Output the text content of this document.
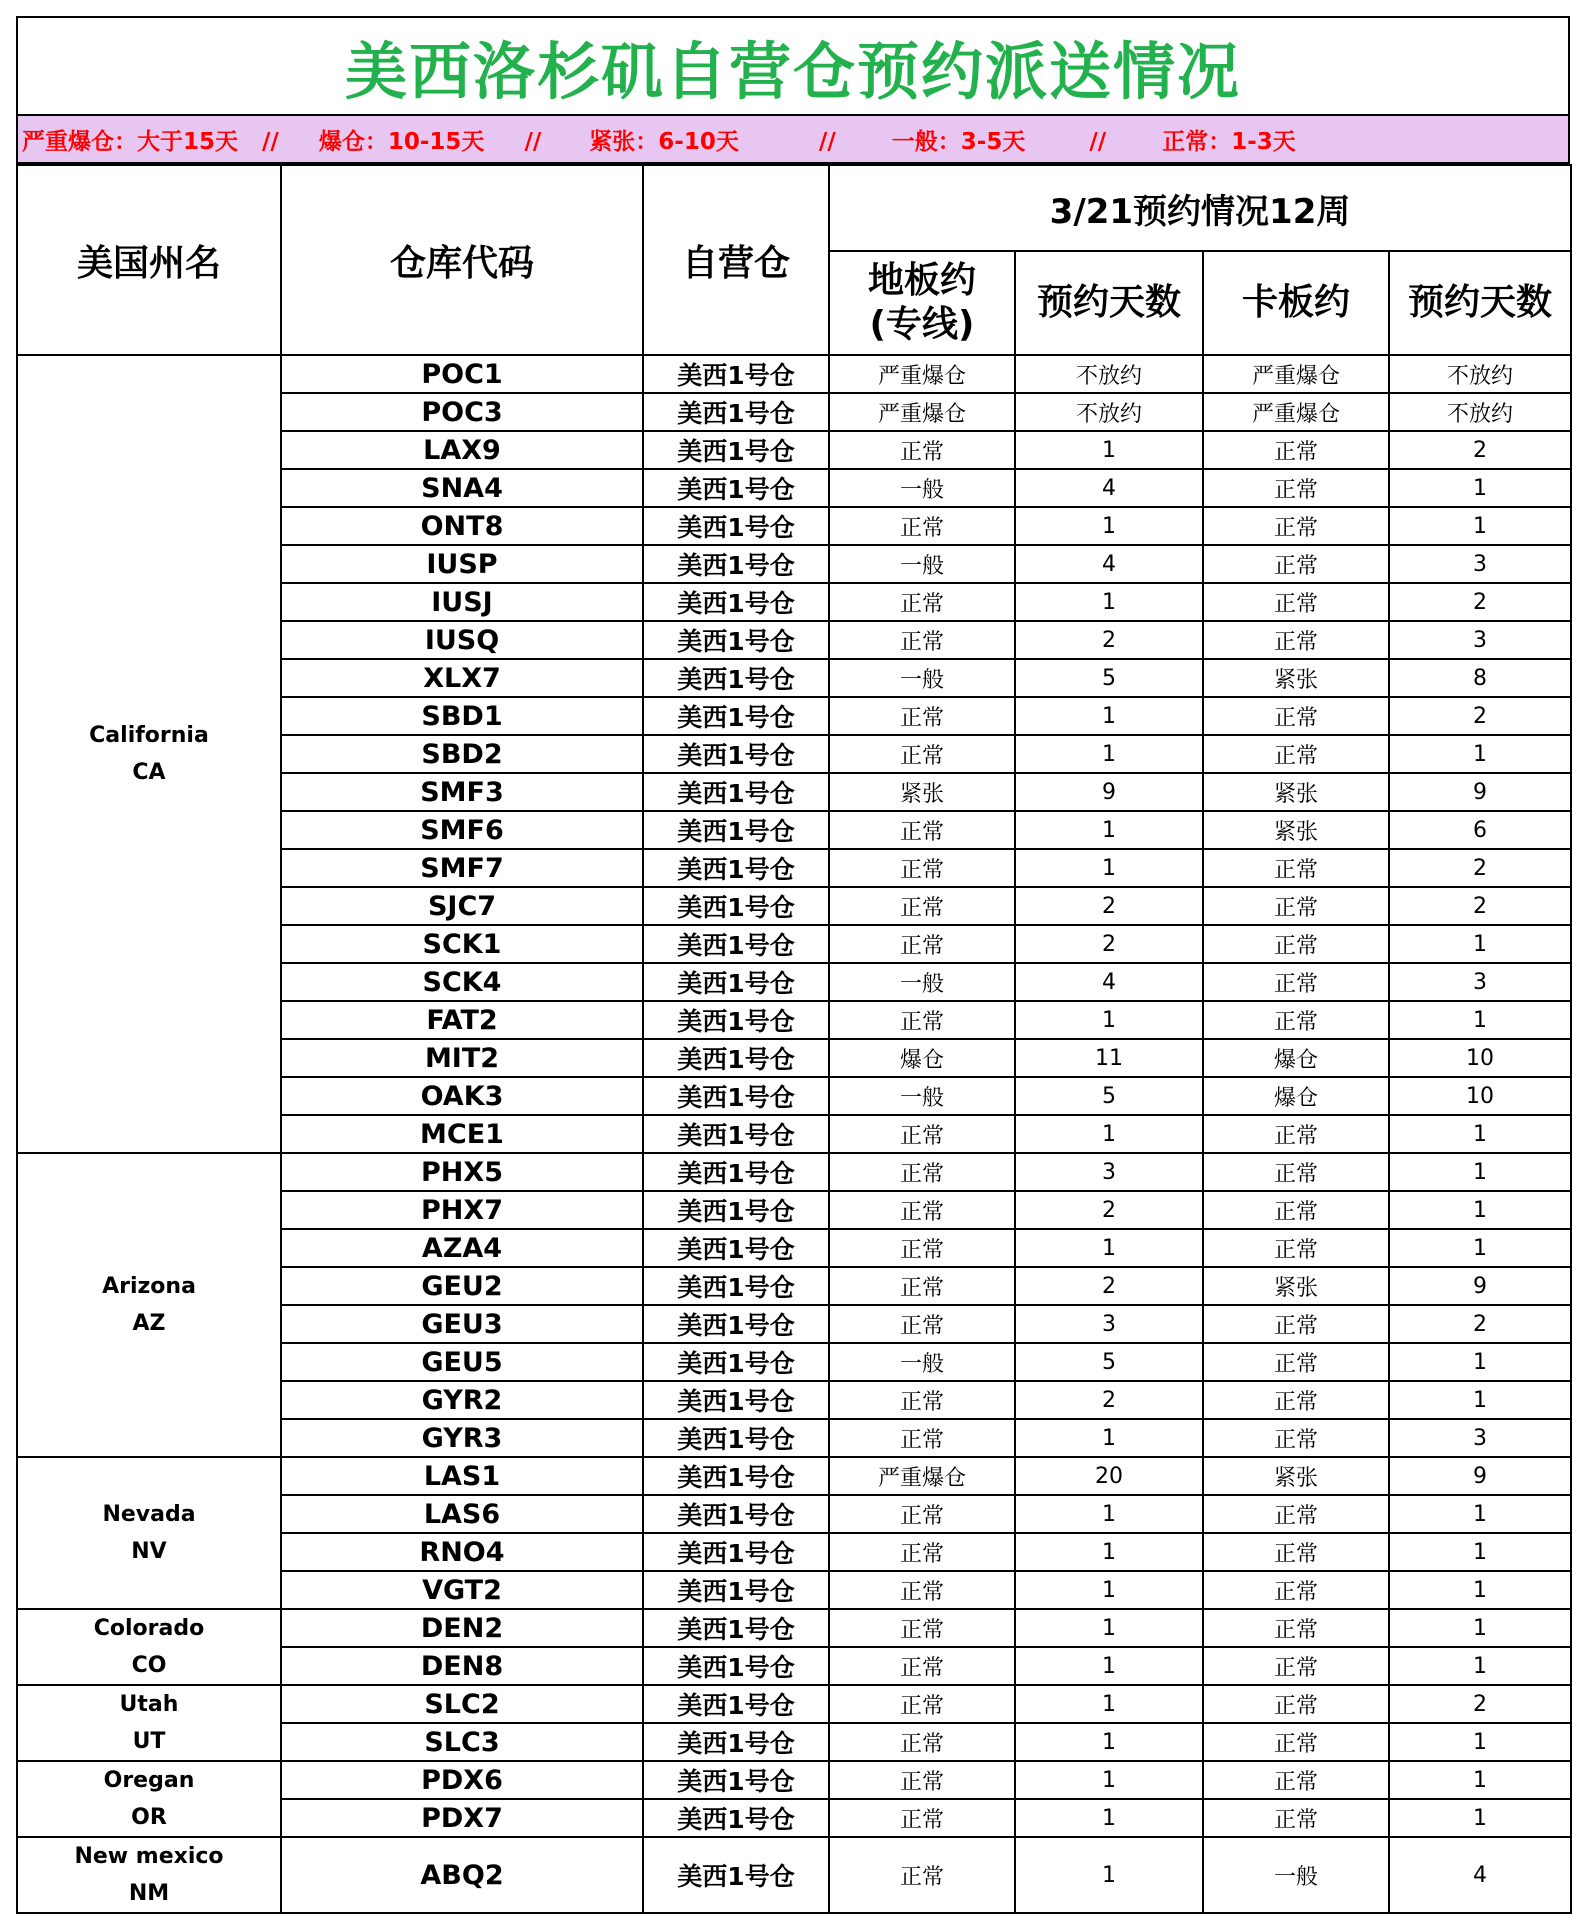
美西洛杉矶自营仓预约派送情况
严重爆仓：大于15天   //     爆仓：10-15天     //      紧张：6-10天          //       一般：3-5天        //       正常：1-3天
美国州名	仓库代码	自营仓	3/21预约情况12周			

			地板约
(专线)	预约天数	卡板约	预约天数

California
CA	POC1	美西1号仓	严重爆仓	不放约	严重爆仓	不放约
	POC3	美西1号仓	严重爆仓	不放约	严重爆仓	不放约
	LAX9	美西1号仓	正常	1	正常	2
	SNA4	美西1号仓	一般	4	正常	1
	ONT8	美西1号仓	正常	1	正常	1
	IUSP	美西1号仓	一般	4	正常	3
	IUSJ	美西1号仓	正常	1	正常	2
	IUSQ	美西1号仓	正常	2	正常	3
	XLX7	美西1号仓	一般	5	紧张	8
	SBD1	美西1号仓	正常	1	正常	2
	SBD2	美西1号仓	正常	1	正常	1
	SMF3	美西1号仓	紧张	9	紧张	9
	SMF6	美西1号仓	正常	1	紧张	6
	SMF7	美西1号仓	正常	1	正常	2
	SJC7	美西1号仓	正常	2	正常	2
	SCK1	美西1号仓	正常	2	正常	1
	SCK4	美西1号仓	一般	4	正常	3
	FAT2	美西1号仓	正常	1	正常	1
	MIT2	美西1号仓	爆仓	11	爆仓	10
	OAK3	美西1号仓	一般	5	爆仓	10
	MCE1	美西1号仓	正常	1	正常	1

Arizona
AZ	PHX5	美西1号仓	正常	3	正常	1
	PHX7	美西1号仓	正常	2	正常	1
	AZA4	美西1号仓	正常	1	正常	1
	GEU2	美西1号仓	正常	2	紧张	9
	GEU3	美西1号仓	正常	3	正常	2
	GEU5	美西1号仓	一般	5	正常	1
	GYR2	美西1号仓	正常	2	正常	1
	GYR3	美西1号仓	正常	1	正常	3

Nevada
NV	LAS1	美西1号仓	严重爆仓	20	紧张	9
	LAS6	美西1号仓	正常	1	正常	1
	RNO4	美西1号仓	正常	1	正常	1
	VGT2	美西1号仓	正常	1	正常	1

Colorado
CO	DEN2	美西1号仓	正常	1	正常	1
	DEN8	美西1号仓	正常	1	正常	1

Utah
UT	SLC2	美西1号仓	正常	1	正常	2
	SLC3	美西1号仓	正常	1	正常	1

Oregan
OR	PDX6	美西1号仓	正常	1	正常	1
	PDX7	美西1号仓	正常	1	正常	1

New mexico
NM	ABQ2	美西1号仓	正常	1	一般	4
